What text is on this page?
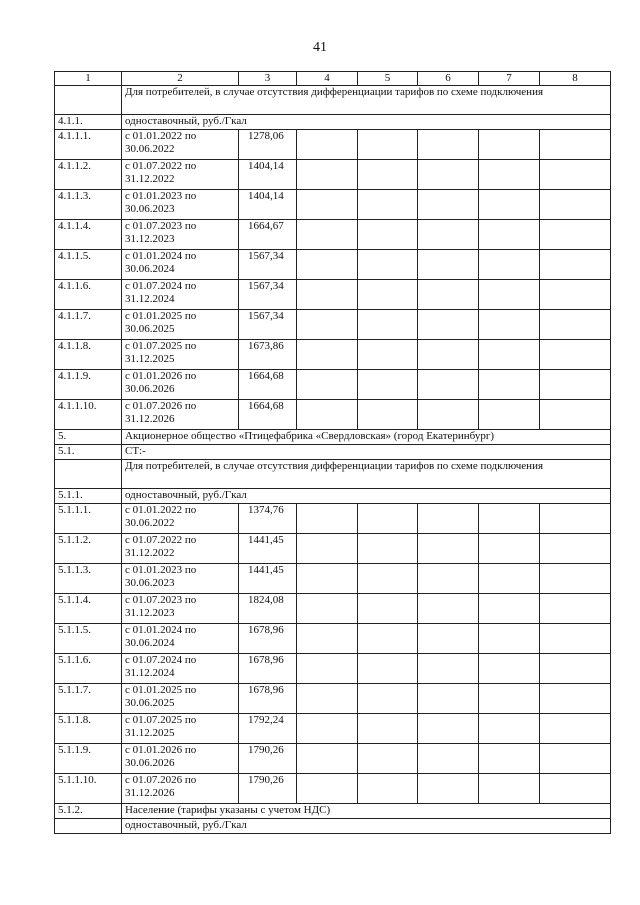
41
1	2	3	4	5	6	7	8
	Для потребителей, в случае отсутствия дифференциации тарифов по схеме подключения						
4.1.1.	одноставочный, руб./Гкал						
4.1.1.1.	с 01.01.2022 по 30.06.2022	1278,06					
4.1.1.2.	с 01.07.2022 по 31.12.2022	1404,14					
4.1.1.3.	с 01.01.2023 по 30.06.2023	1404,14					
4.1.1.4.	с 01.07.2023 по 31.12.2023	1664,67					
4.1.1.5.	с 01.01.2024 по 30.06.2024	1567,34					
4.1.1.6.	с 01.07.2024 по 31.12.2024	1567,34					
4.1.1.7.	с 01.01.2025 по 30.06.2025	1567,34					
4.1.1.8.	с 01.07.2025 по 31.12.2025	1673,86					
4.1.1.9.	с 01.01.2026 по 30.06.2026	1664,68					
4.1.1.10.	с 01.07.2026 по 31.12.2026	1664,68					
5.	Акционерное общество «Птицефабрика «Свердловская» (город Екатеринбург)						
5.1.	СТ:-						
	Для потребителей, в случае отсутствия дифференциации тарифов по схеме подключения						
5.1.1.	одноставочный, руб./Гкал						
5.1.1.1.	с 01.01.2022 по 30.06.2022	1374,76					
5.1.1.2.	с 01.07.2022 по 31.12.2022	1441,45					
5.1.1.3.	с 01.01.2023 по 30.06.2023	1441,45					
5.1.1.4.	с 01.07.2023 по 31.12.2023	1824,08					
5.1.1.5.	с 01.01.2024 по 30.06.2024	1678,96					
5.1.1.6.	с 01.07.2024 по 31.12.2024	1678,96					
5.1.1.7.	с 01.01.2025 по 30.06.2025	1678,96					
5.1.1.8.	с 01.07.2025 по 31.12.2025	1792,24					
5.1.1.9.	с 01.01.2026 по 30.06.2026	1790,26					
5.1.1.10.	с 01.07.2026 по 31.12.2026	1790,26					
5.1.2.	Население (тарифы указаны с учетом НДС)						
	одноставочный, руб./Гкал						
